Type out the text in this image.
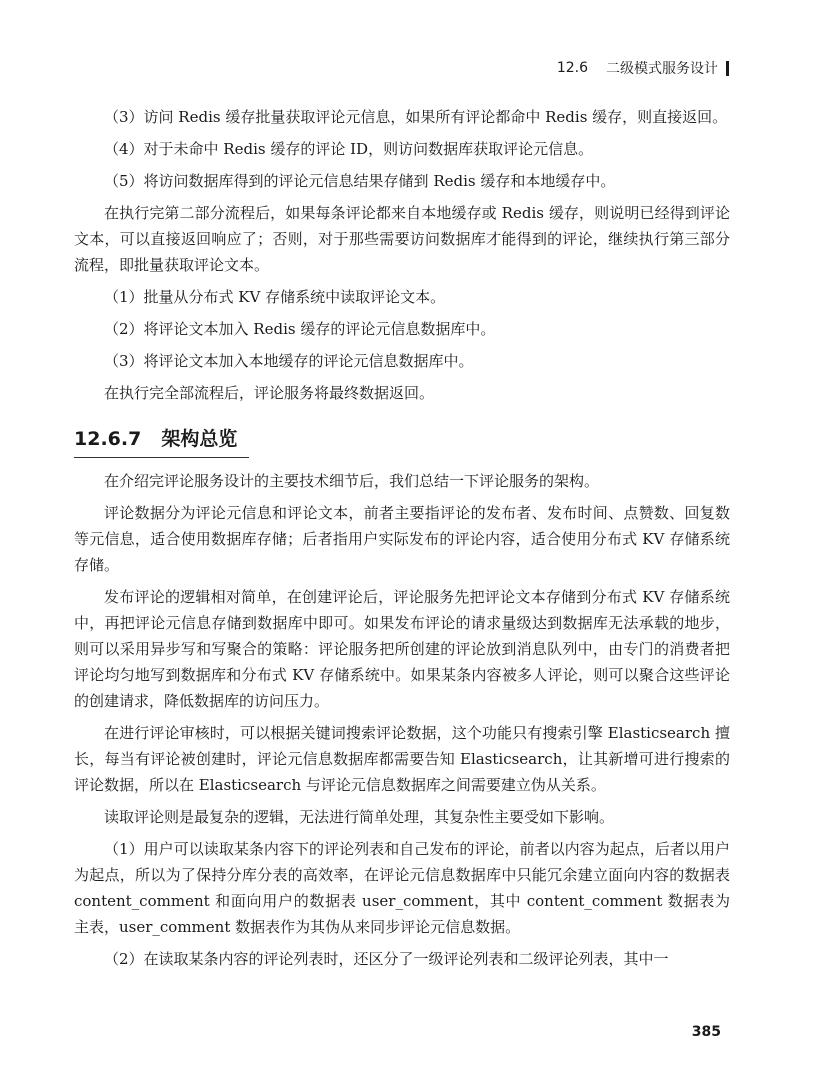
12.6 二级模式服务设计

（3）访问 Redis 缓存批量获取评论元信息，如果所有评论都命中 Redis 缓存，则直接返回。

（4）对于未命中 Redis 缓存的评论 ID，则访问数据库获取评论元信息。

（5）将访问数据库得到的评论元信息结果存储到 Redis 缓存和本地缓存中。

在执行完第二部分流程后，如果每条评论都来自本地缓存或 Redis 缓存，则说明已经得到评论文本，可以直接返回响应了；否则，对于那些需要访问数据库才能得到的评论，继续执行第三部分流程，即批量获取评论文本。

（1）批量从分布式 KV 存储系统中读取评论文本。

（2）将评论文本加入 Redis 缓存的评论元信息数据库中。

（3）将评论文本加入本地缓存的评论元信息数据库中。

在执行完全部流程后，评论服务将最终数据返回。

12.6.7 架构总览

在介绍完评论服务设计的主要技术细节后，我们总结一下评论服务的架构。

评论数据分为评论元信息和评论文本，前者主要指评论的发布者、发布时间、点赞数、回复数等元信息，适合使用数据库存储；后者指用户实际发布的评论内容，适合使用分布式 KV 存储系统存储。

发布评论的逻辑相对简单，在创建评论后，评论服务先把评论文本存储到分布式 KV 存储系统中，再把评论元信息存储到数据库中即可。如果发布评论的请求量级达到数据库无法承载的地步，则可以采用异步写和写聚合的策略：评论服务把所创建的评论放到消息队列中，由专门的消费者把评论均匀地写到数据库和分布式 KV 存储系统中。如果某条内容被多人评论，则可以聚合这些评论的创建请求，降低数据库的访问压力。

在进行评论审核时，可以根据关键词搜索评论数据，这个功能只有搜索引擎 Elasticsearch 擅长，每当有评论被创建时，评论元信息数据库都需要告知 Elasticsearch，让其新增可进行搜索的评论数据，所以在 Elasticsearch 与评论元信息数据库之间需要建立伪从关系。

读取评论则是最复杂的逻辑，无法进行简单处理，其复杂性主要受如下影响。

（1）用户可以读取某条内容下的评论列表和自己发布的评论，前者以内容为起点，后者以用户为起点，所以为了保持分库分表的高效率，在评论元信息数据库中只能冗余建立面向内容的数据表 content_comment 和面向用户的数据表 user_comment，其中 content_comment 数据表为主表，user_comment 数据表作为其伪从来同步评论元信息数据。

（2）在读取某条内容的评论列表时，还区分了一级评论列表和二级评论列表，其中一

385
